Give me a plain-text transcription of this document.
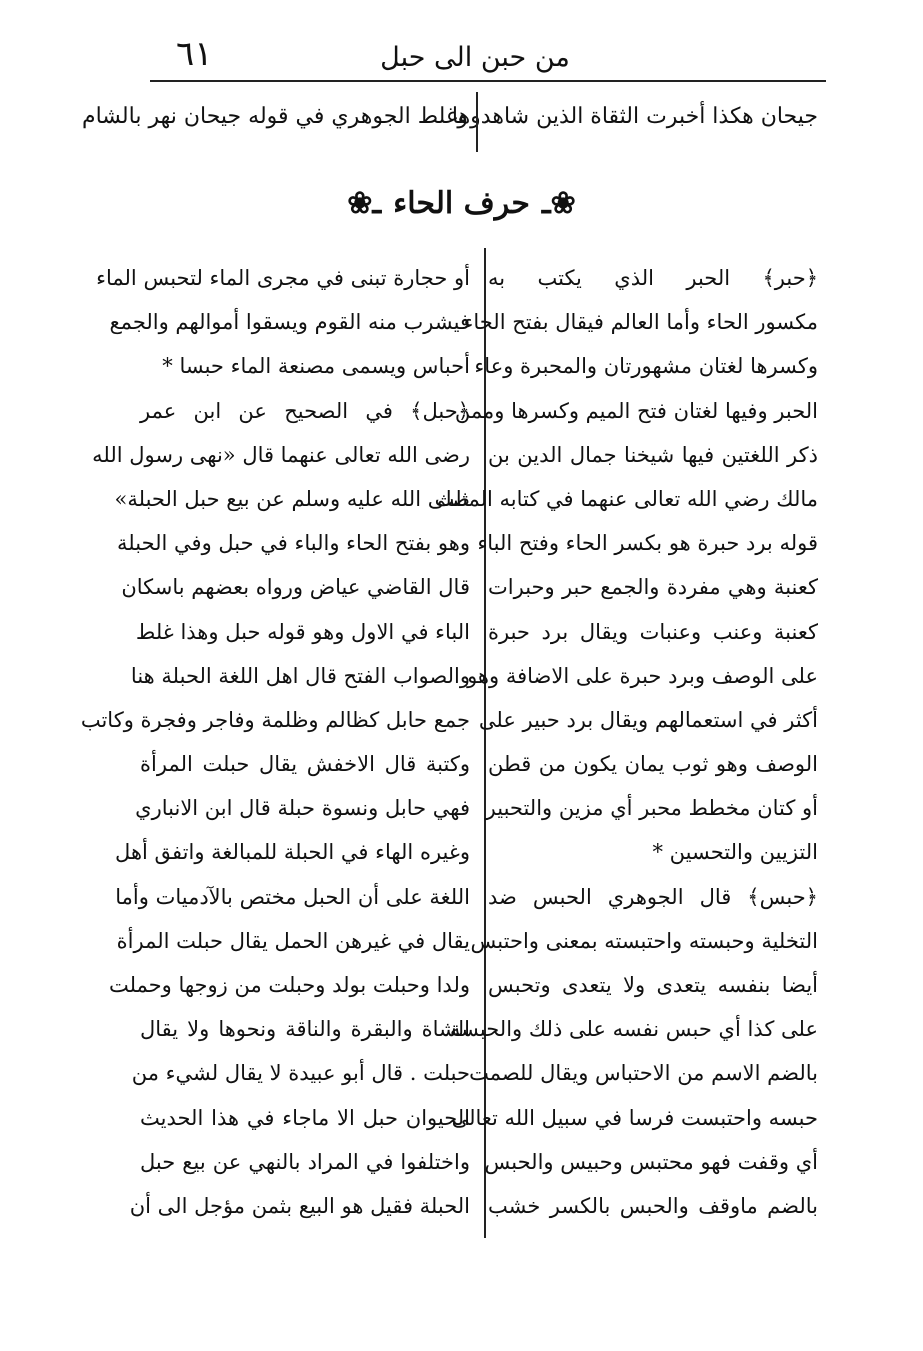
٦١	من حبن الى حبل
جيحان هكذا أخبرت الثقاة الذين شاهدوها
وغلط الجوهري في قوله جيحان نهر بالشام
❀ـ
حرف الحاء
ـ❀
﴿حبر﴾ الحبر الذي يكتب به
مكسور الحاء وأما العالم فيقال بفتح الحاء
وكسرها لغتان مشهورتان والمحبرة وعاء
الحبر وفيها لغتان فتح الميم وكسرها وممن
ذكر اللغتين فيها شيخنا جمال الدين بن
مالك رضي الله تعالى عنهما في كتابه المثلث
قوله برد حبرة هو بكسر الحاء وفتح الباء
كعنبة وهي مفردة والجمع حبر وحبرات
كعنبة وعنب وعنبات ويقال برد حبرة
على الوصف وبرد حبرة على الاضافة وهو
أكثر في استعمالهم ويقال برد حبير على
الوصف وهو ثوب يمان يكون من قطن
أو كتان مخطط محبر أي مزين والتحبير
التزيين والتحسين *
﴿حبس﴾ قال الجوهري الحبس ضد
التخلية وحبسته واحتبسته بمعنى واحتبس
أيضا بنفسه يتعدى ولا يتعدى وتحبس
على كذا أي حبس نفسه على ذلك والحبسة
بالضم الاسم من الاحتباس ويقال للصمت
حبسه واحتبست فرسا في سبيل الله تعالى
أي وقفت فهو محتبس وحبيس والحبس
بالضم ماوقف والحبس بالكسر خشب
أو حجارة تبنى في مجرى الماء لتحبس الماء
فيشرب منه القوم ويسقوا أموالهم والجمع
أحباس ويسمى مصنعة الماء حبسا *
﴿حبل﴾ في الصحيح عن ابن عمر
رضى الله تعالى عنهما قال «نهى رسول الله
صلى الله عليه وسلم عن بيع حبل الحبلة»
وهو بفتح الحاء والباء في حبل وفي الحبلة
قال القاضي عياض ورواه بعضهم باسكان
الباء في الاول وهو قوله حبل وهذا غلط
والصواب الفتح قال اهل اللغة الحبلة هنا
جمع حابل كظالم وظلمة وفاجر وفجرة وكاتب
وكتبة قال الاخفش يقال حبلت المرأة
فهي حابل ونسوة حبلة قال ابن الانباري
وغيره الهاء في الحبلة للمبالغة واتفق أهل
اللغة على أن الحبل مختص بالآدميات وأما
يقال في غيرهن الحمل يقال حبلت المرأة
ولدا وحبلت بولد وحبلت من زوجها وحملت
الشاة والبقرة والناقة ونحوها ولا يقال
حبلت . قال أبو عبيدة لا يقال لشيء من
الحيوان حبل الا ماجاء في هذا الحديث
واختلفوا في المراد بالنهي عن بيع حبل
الحبلة فقيل هو البيع بثمن مؤجل الى أن
